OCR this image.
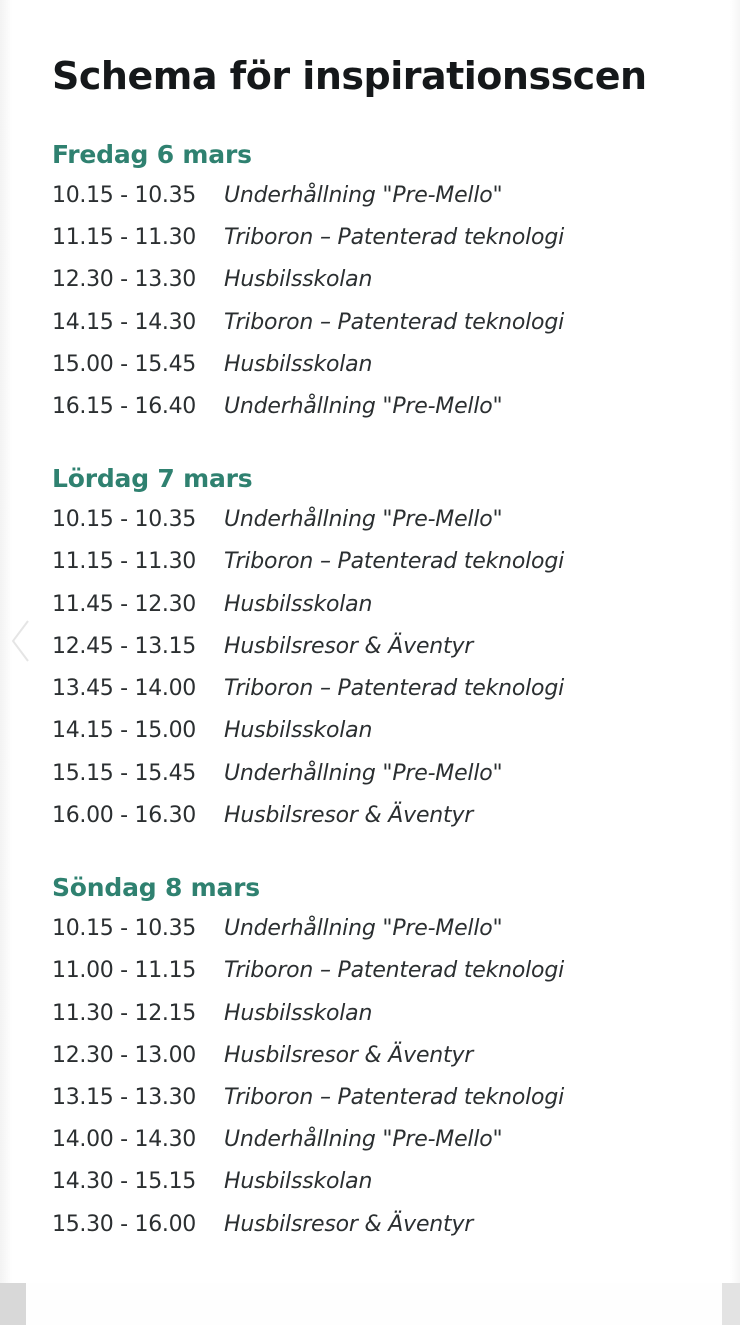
Schema för inspirationsscen
Fredag 6 mars
10.15 - 10.35	Underhållning "Pre-Mello"
11.15 - 11.30	Triboron – Patenterad teknologi
12.30 - 13.30	Husbilsskolan
14.15 - 14.30	Triboron – Patenterad teknologi
15.00 - 15.45	Husbilsskolan
16.15 - 16.40	Underhållning "Pre-Mello"
Lördag 7 mars
10.15 - 10.35	Underhållning "Pre-Mello"
11.15 - 11.30	Triboron – Patenterad teknologi
11.45 - 12.30	Husbilsskolan
12.45 - 13.15	Husbilsresor & Äventyr
13.45 - 14.00	Triboron – Patenterad teknologi
14.15 - 15.00	Husbilsskolan
15.15 - 15.45	Underhållning "Pre-Mello"
16.00 - 16.30	Husbilsresor & Äventyr
Söndag 8 mars
10.15 - 10.35	Underhållning "Pre-Mello"
11.00 - 11.15	Triboron – Patenterad teknologi
11.30 - 12.15	Husbilsskolan
12.30 - 13.00	Husbilsresor & Äventyr
13.15 - 13.30	Triboron – Patenterad teknologi
14.00 - 14.30	Underhållning "Pre-Mello"
14.30 - 15.15	Husbilsskolan
15.30 - 16.00	Husbilsresor & Äventyr
